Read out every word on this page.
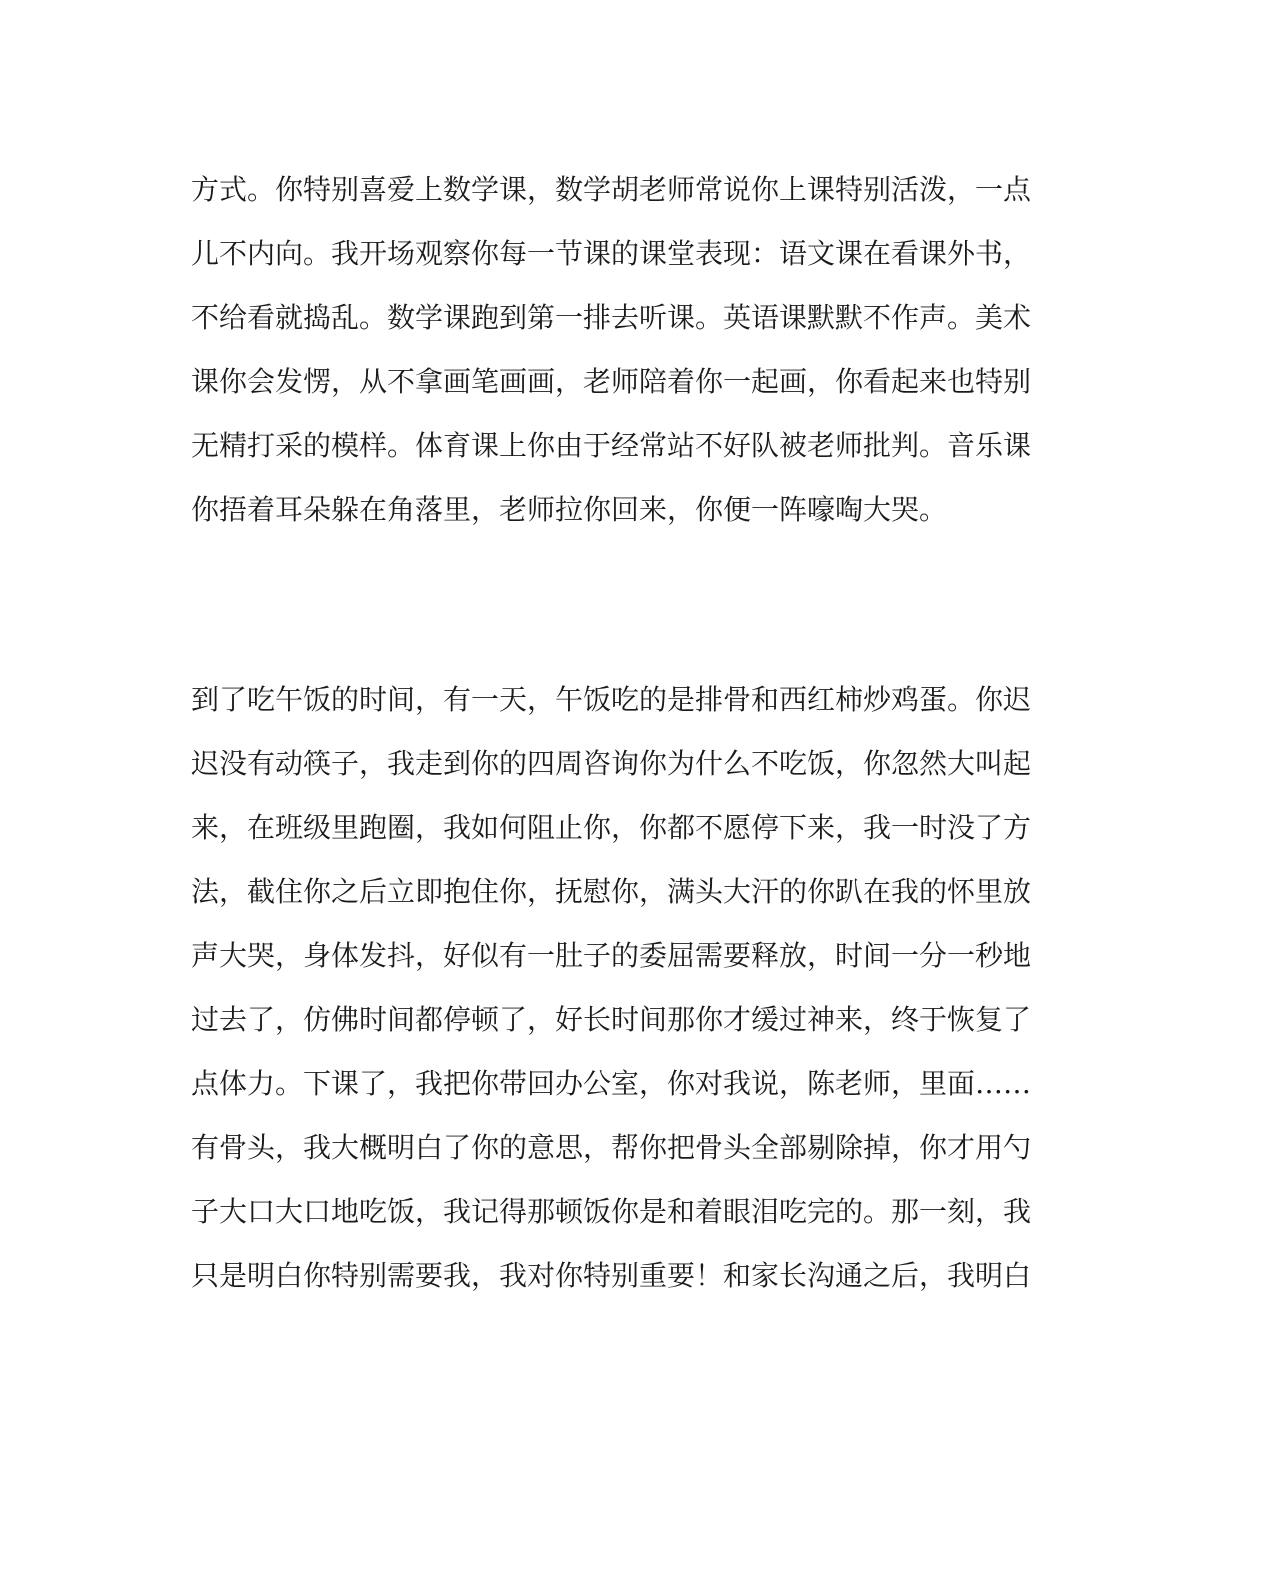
方式。你特别喜爱上数学课，数学胡老师常说你上课特别活泼，一点
儿不内向。我开场观察你每一节课的课堂表现：语文课在看课外书，
不给看就捣乱。数学课跑到第一排去听课。英语课默默不作声。美术
课你会发愣，从不拿画笔画画，老师陪着你一起画，你看起来也特别
无精打采的模样。体育课上你由于经常站不好队被老师批判。音乐课
你捂着耳朵躲在角落里，老师拉你回来，你便一阵嚎啕大哭。
到了吃午饭的时间，有一天，午饭吃的是排骨和西红柿炒鸡蛋。你迟
迟没有动筷子，我走到你的四周咨询你为什么不吃饭，你忽然大叫起
来，在班级里跑圈，我如何阻止你，你都不愿停下来，我一时没了方
法，截住你之后立即抱住你，抚慰你，满头大汗的你趴在我的怀里放
声大哭，身体发抖，好似有一肚子的委屈需要释放，时间一分一秒地
过去了，仿佛时间都停顿了，好长时间那你才缓过神来，终于恢复了
点体力。下课了，我把你带回办公室，你对我说，陈老师，里面……
有骨头，我大概明白了你的意思，帮你把骨头全部剔除掉，你才用勺
子大口大口地吃饭，我记得那顿饭你是和着眼泪吃完的。那一刻，我
只是明白你特别需要我，我对你特别重要！和家长沟通之后，我明白
